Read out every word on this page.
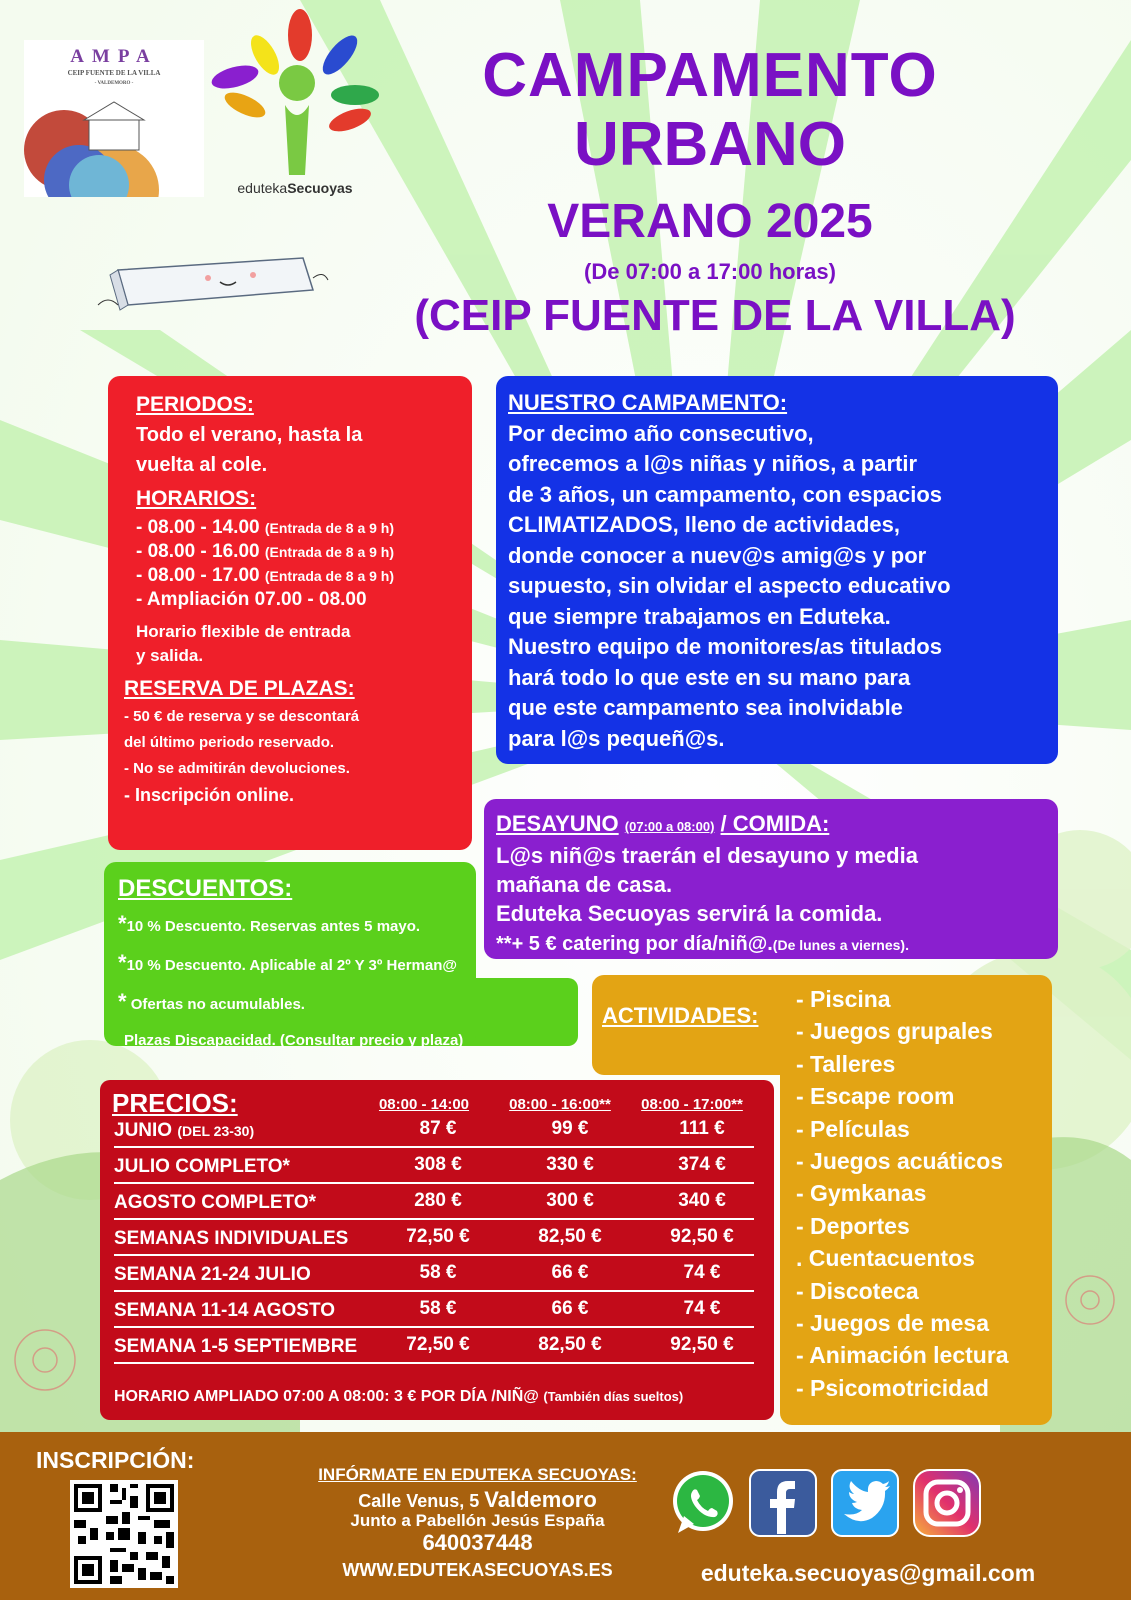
AMPA
CEIP FUENTE DE LA VILLA
- VALDEMORO -
edutekaSecuoyas
CAMPAMENTO
URBANO
VERANO 2025
(De 07:00 a 17:00 horas)
(CEIP FUENTE DE LA VILLA)
PERIODOS:
Todo el verano, hasta la
vuelta al cole.
HORARIOS:
- 08.00 - 14.00 (Entrada de 8 a 9 h)
- 08.00 - 16.00 (Entrada de 8 a 9 h)
- 08.00 - 17.00 (Entrada de 8 a 9 h)
- Ampliación 07.00 - 08.00
Horario flexible de entrada
y salida.
RESERVA DE PLAZAS:
- 50 € de reserva y se descontará
del último periodo reservado.
- No se admitirán devoluciones.
- Inscripción online.
NUESTRO CAMPAMENTO:
Por decimo año consecutivo,
ofrecemos a l@s niñas y niños, a partir
de 3 años, un campamento, con espacios
CLIMATIZADOS, lleno de actividades,
donde conocer a nuev@s amig@s y por
supuesto, sin olvidar el aspecto educativo
que siempre trabajamos en Eduteka.
Nuestro equipo de monitores/as titulados
hará todo lo que este en su mano para
que este campamento sea inolvidable
para l@s pequeñ@s.
DESAYUNO (07:00 a 08:00) / COMIDA:
L@s niñ@s traerán el desayuno y media
mañana de casa.
Eduteka Secuoyas servirá la comida.
**+ 5 € catering por día/niñ@.(De lunes a viernes).
DESCUENTOS:
*10 % Descuento. Reservas antes 5 mayo.
*10 % Descuento. Aplicable al 2º Y 3º Herman@
* Ofertas no acumulables.
Plazas Discapacidad. (Consultar precio y plaza)
ACTIVIDADES:
- Piscina
- Juegos grupales
- Talleres
- Escape room
- Películas
- Juegos acuáticos
- Gymkanas
- Deportes
. Cuentacuentos
- Discoteca
- Juegos de mesa
- Animación lectura
- Psicomotricidad
PRECIOS:	08:00 - 14:00	08:00 - 16:00**	08:00 - 17:00**
JUNIO (DEL 23-30)	87 €	99 €	111 €
JULIO COMPLETO*	308 €	330 €	374 €
AGOSTO COMPLETO*	280 €	300 €	340 €
SEMANAS INDIVIDUALES	72,50 €	82,50 €	92,50 €
SEMANA 21-24 JULIO	58 €	66 €	74 €
SEMANA 11-14 AGOSTO	58 €	66 €	74 €
SEMANA 1-5 SEPTIEMBRE	72,50 €	82,50 €	92,50 €
HORARIO AMPLIADO 07:00 A 08:00: 3 € POR DÍA /NIÑ@ (También días sueltos)
INSCRIPCIÓN:
INFÓRMATE EN EDUTEKA SECUOYAS:
Calle Venus, 5 Valdemoro
Junto a Pabellón Jesús España
640037448
WWW.EDUTEKASECUOYAS.ES	eduteka.secuoyas@gmail.com
